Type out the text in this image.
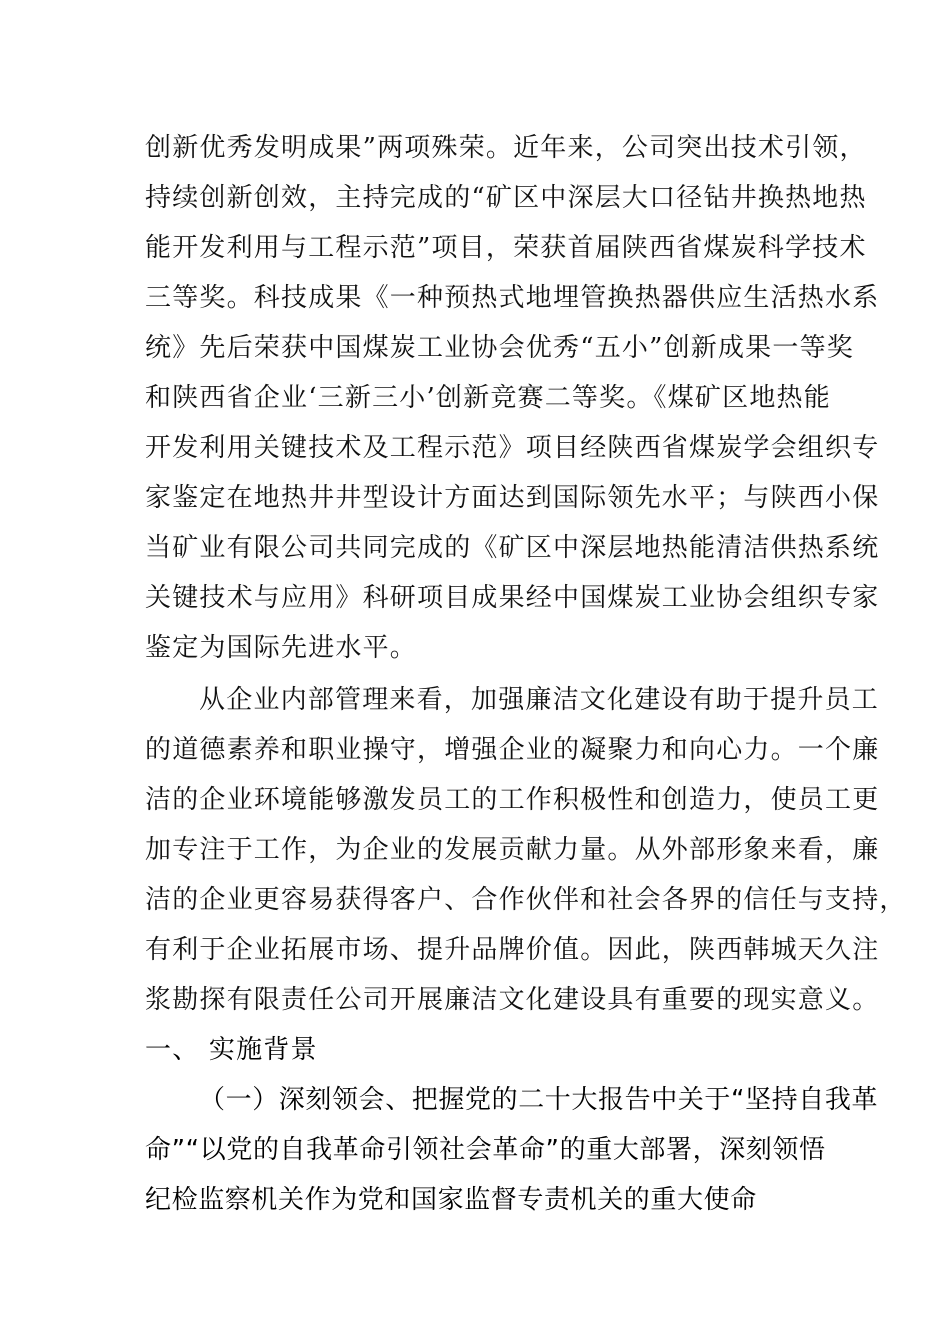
创新优秀发明成果”两项殊荣。近年来，公司突出技术引领，
持续创新创效，主持完成的“矿区中深层大口径钻井换热地热
能开发利用与工程示范”项目，荣获首届陕西省煤炭科学技术
三等奖。科技成果《一种预热式地埋管换热器供应生活热水系
统》先后荣获中国煤炭工业协会优秀“五小”创新成果一等奖
和陕西省企业‘三新三小’创新竞赛二等奖。《煤矿区地热能
开发利用关键技术及工程示范》项目经陕西省煤炭学会组织专
家鉴定在地热井井型设计方面达到国际领先水平；与陕西小保
当矿业有限公司共同完成的《矿区中深层地热能清洁供热系统
关键技术与应用》科研项目成果经中国煤炭工业协会组织专家
鉴定为国际先进水平。
从企业内部管理来看，加强廉洁文化建设有助于提升员工
的道德素养和职业操守，增强企业的凝聚力和向心力。一个廉
洁的企业环境能够激发员工的工作积极性和创造力，使员工更
加专注于工作，为企业的发展贡献力量。从外部形象来看，廉
洁的企业更容易获得客户、合作伙伴和社会各界的信任与支持，
有利于企业拓展市场、提升品牌价值。因此，陕西韩城天久注
浆勘探有限责任公司开展廉洁文化建设具有重要的现实意义。
一、 实施背景
（一）深刻领会、把握党的二十大报告中关于“坚持自我革
命”“以党的自我革命引领社会革命”的重大部署，深刻领悟
纪检监察机关作为党和国家监督专责机关的重大使命
